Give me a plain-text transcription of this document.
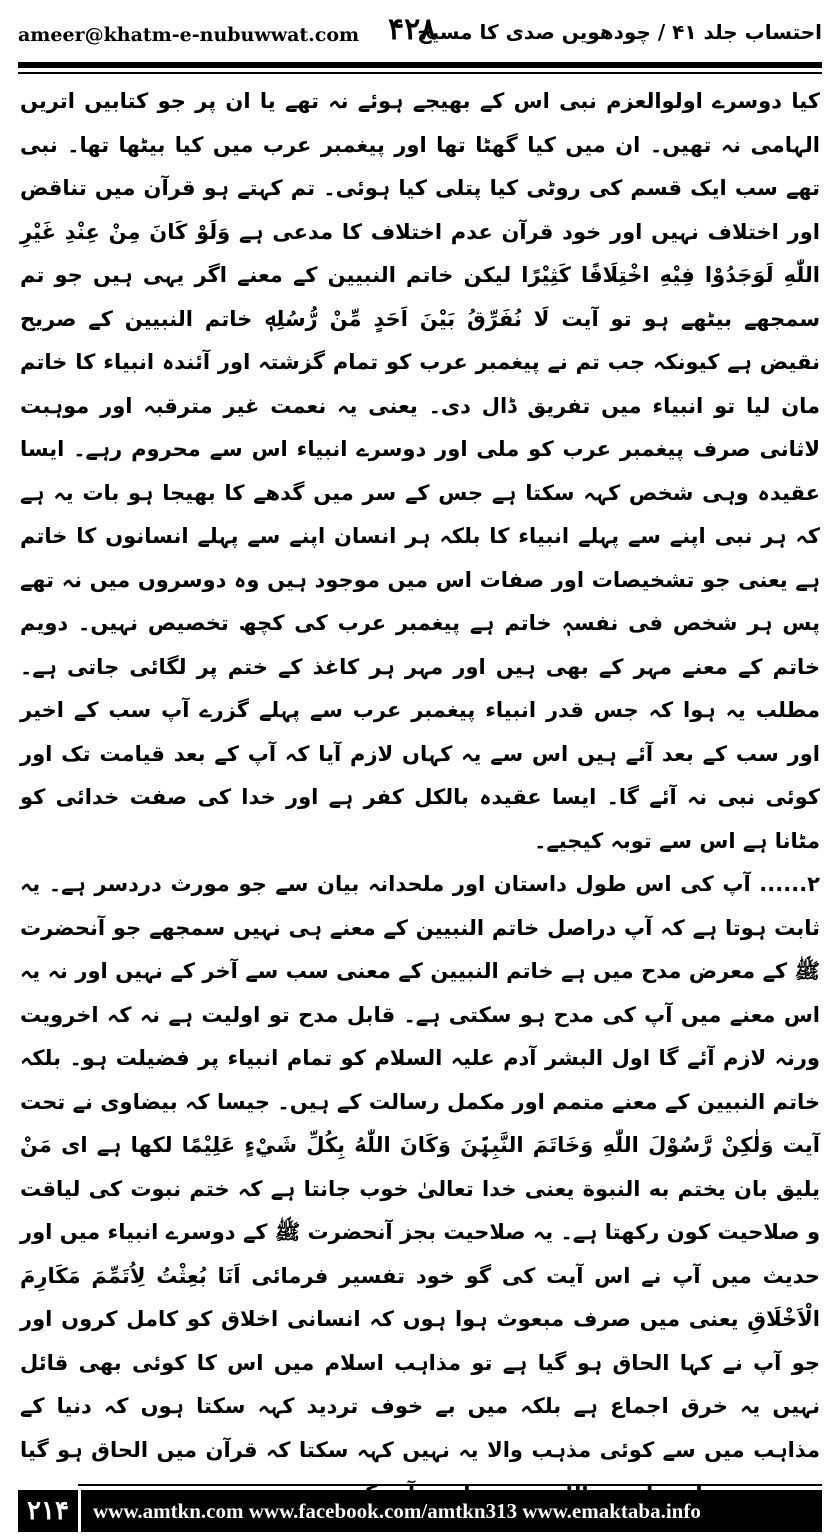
ameer@khatm-e-nubuwwat.com ۴۲۸
احتساب جلد ۴۱ / چودھویں صدی کا مسیح

کیا دوسرے اولوالعزم نبی اس کے بھیجے ہوئے نہ تھے یا ان پر جو کتابیں اتریں الہامی نہ تھیں۔ ان میں کیا گھٹا تھا اور پیغمبر عرب میں کیا بیٹھا تھا۔ نبی تھے سب ایک قسم کی روٹی کیا پتلی کیا ہوئی۔ تم کہتے ہو قرآن میں تناقض اور اختلاف نہیں اور خود قرآن عدم اختلاف کا مدعی ہے وَلَوْ كَانَ مِنْ عِنْدِ غَيْرِ اللّٰهِ لَوَجَدُوْا فِيْهِ اخْتِلَافًا كَثِيْرًا لیکن خاتم النبیین کے معنے اگر یہی ہیں جو تم سمجھے بیٹھے ہو تو آیت لَا نُفَرِّقُ بَيْنَ اَحَدٍ مِّنْ رُّسُلِهٖ خاتم النبیین کے صریح نقیض ہے کیونکہ جب تم نے پیغمبر عرب کو تمام گزشتہ اور آئندہ انبیاء کا خاتم مان لیا تو انبیاء میں تفریق ڈال دی۔ یعنی یہ نعمت غیر مترقبہ اور موہبت لاثانی صرف پیغمبر عرب کو ملی اور دوسرے انبیاء اس سے محروم رہے۔ ایسا عقیدہ وہی شخص کہہ سکتا ہے جس کے سر میں گدھے کا بھیجا ہو بات یہ ہے کہ ہر نبی اپنے سے پہلے انبیاء کا بلکہ ہر انسان اپنے سے پہلے انسانوں کا خاتم ہے یعنی جو تشخیصات اور صفات اس میں موجود ہیں وہ دوسروں میں نہ تھے پس ہر شخص فی نفسہٖ خاتم ہے پیغمبر عرب کی کچھ تخصیص نہیں۔ دویم خاتم کے معنے مہر کے بھی ہیں اور مہر ہر کاغذ کے ختم پر لگائی جاتی ہے۔ مطلب یہ ہوا کہ جس قدر انبیاء پیغمبر عرب سے پہلے گزرے آپ سب کے اخیر اور سب کے بعد آئے ہیں اس سے یہ کہاں لازم آیا کہ آپ کے بعد قیامت تک اور کوئی نبی نہ آئے گا۔ ایسا عقیدہ بالکل کفر ہے اور خدا کی صفت خدائی کو مٹانا ہے اس سے توبہ کیجیے۔

۲...... آپ کی اس طول داستان اور ملحدانہ بیان سے جو مورث دردسر ہے۔ یہ ثابت ہوتا ہے کہ آپ دراصل خاتم النبیین کے معنے ہی نہیں سمجھے جو آنحضرت ﷺ کے معرض مدح میں ہے خاتم النبیین کے معنی سب سے آخر کے نہیں اور نہ یہ اس معنے میں آپ کی مدح ہو سکتی ہے۔ قابل مدح تو اولیت ہے نہ کہ اخرویت ورنہ لازم آئے گا اول البشر آدم علیہ السلام کو تمام انبیاء پر فضیلت ہو۔ بلکہ خاتم النبیین کے معنے متمم اور مکمل رسالت کے ہیں۔ جیسا کہ بیضاوی نے تحت آیت وَلٰكِنْ رَّسُوْلَ اللّٰهِ وَخَاتَمَ النَّبِيّٖنَ وَكَانَ اللّٰهُ بِكُلِّ شَيْءٍ عَلِيْمًا لکھا ہے ای مَنْ یلیق بان یختم به النبوة یعنی خدا تعالیٰ خوب جانتا ہے کہ ختم نبوت کی لیاقت و صلاحیت کون رکھتا ہے۔ یہ صلاحیت بجز آنحضرت ﷺ کے دوسرے انبیاء میں اور حدیث میں آپ نے اس آیت کی گو خود تفسیر فرمائی اَنَا بُعِثْتُ لِاُتَمِّمَ مَكَارِمَ الْاَخْلَاقِ یعنی میں صرف مبعوث ہوا ہوں کہ انسانی اخلاق کو کامل کروں اور جو آپ نے کہا الحاق ہو گیا ہے تو مذاہب اسلام میں اس کا کوئی بھی قائل نہیں یہ خرق اجماع ہے بلکہ میں بے خوف تردید کہہ سکتا ہوں کہ دنیا کے مذاہب میں سے کوئی مذہب والا یہ نہیں کہہ سکتا کہ قرآن میں الحاق ہو گیا

۲۱۴	www.amtkn.com www.facebook.com/amtkn313 www.emaktaba.info
